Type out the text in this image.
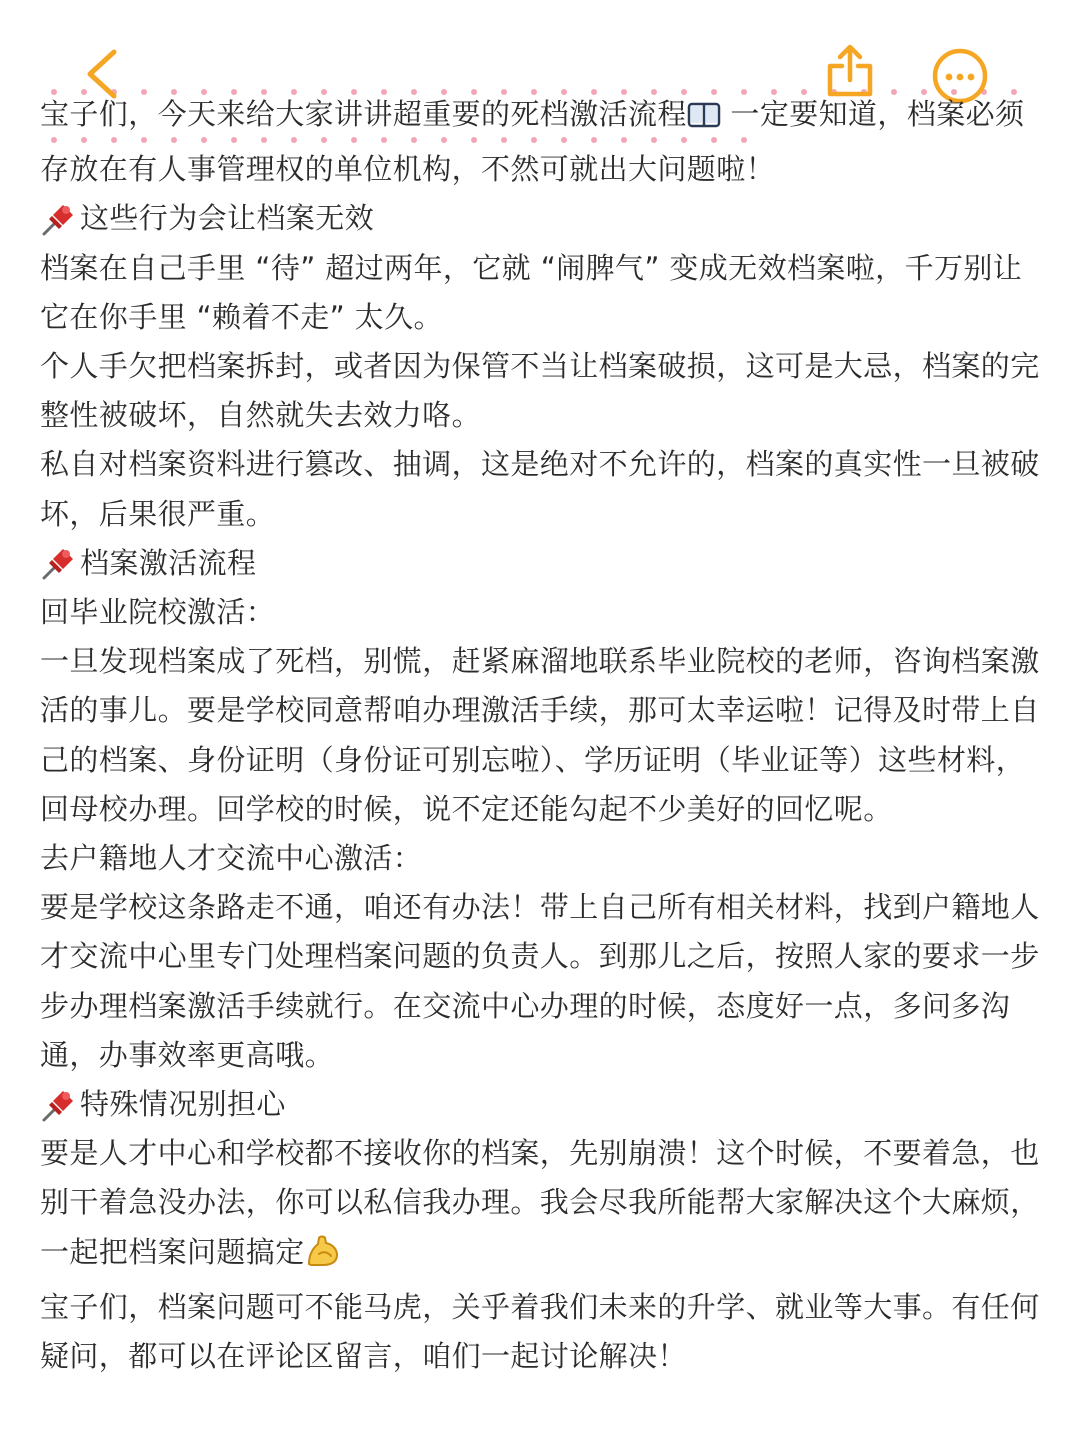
宝子们，今天来给大家讲讲超重要的死档激活流程 一定要知道，档案必须存放在有人事管理权的单位机构，不然可就出大问题啦！

这些行为会让档案无效

档案在自己手里 “待” 超过两年，它就 “闹脾气” 变成无效档案啦，千万别让它在你手里 “赖着不走” 太久。

个人手欠把档案拆封，或者因为保管不当让档案破损，这可是大忌，档案的完整性被破坏，自然就失去效力咯。

私自对档案资料进行篡改、抽调，这是绝对不允许的，档案的真实性一旦被破坏，后果很严重。

档案激活流程

回毕业院校激活：

一旦发现档案成了死档，别慌，赶紧麻溜地联系毕业院校的老师，咨询档案激活的事儿。要是学校同意帮咱办理激活手续，那可太幸运啦！记得及时带上自己的档案、身份证明（身份证可别忘啦）、学历证明（毕业证等）这些材料，回母校办理。回学校的时候，说不定还能勾起不少美好的回忆呢。

去户籍地人才交流中心激活：

要是学校这条路走不通，咱还有办法！带上自己所有相关材料，找到户籍地人才交流中心里专门处理档案问题的负责人。到那儿之后，按照人家的要求一步步办理档案激活手续就行。在交流中心办理的时候，态度好一点，多问多沟通，办事效率更高哦。

特殊情况别担心

要是人才中心和学校都不接收你的档案，先别崩溃！这个时候，不要着急，也别干着急没办法，你可以私信我办理。我会尽我所能帮大家解决这个大麻烦，一起把档案问题搞定

宝子们，档案问题可不能马虎，关乎着我们未来的升学、就业等大事。有任何疑问，都可以在评论区留言，咱们一起讨论解决！
